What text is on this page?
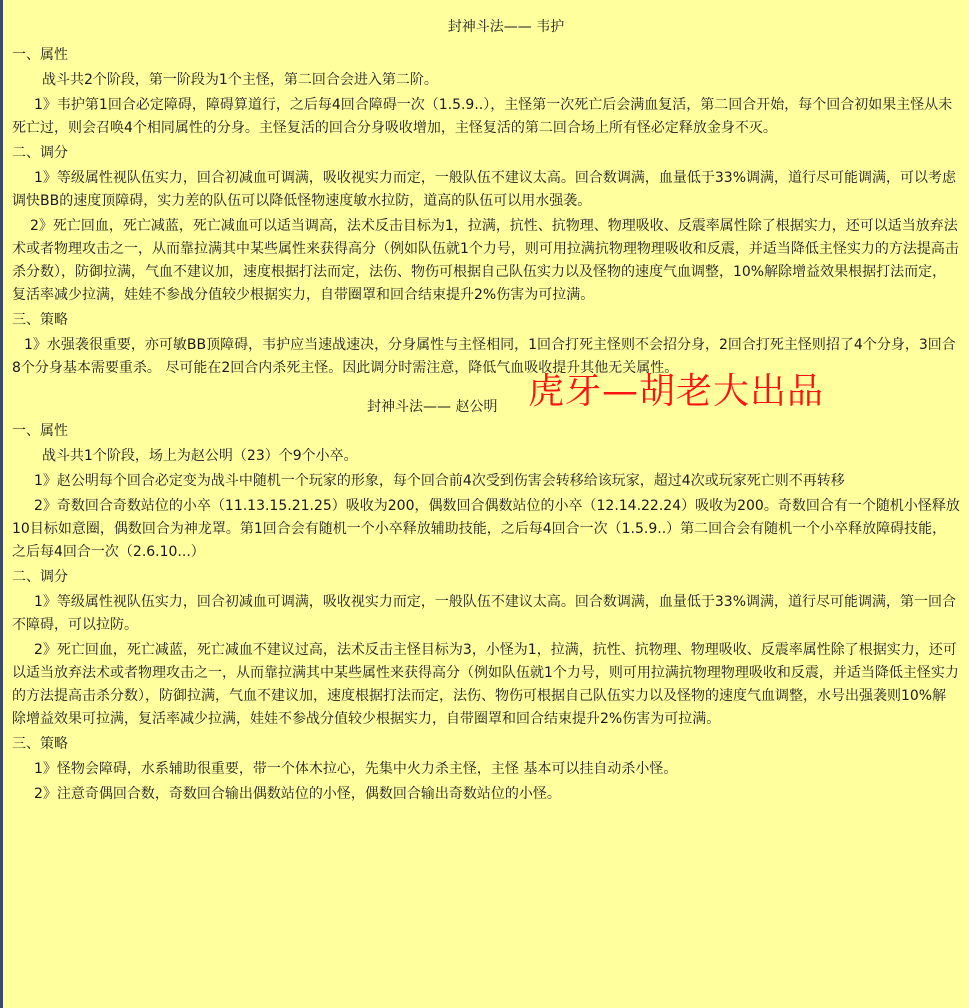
封神斗法—— 韦护
一、属性
战斗共2个阶段，第一阶段为1个主怪，第二回合会进入第二阶。
1》韦护第1回合必定障碍，障碍算道行，之后每4回合障碍一次（1.5.9..），主怪第一次死亡后会满血复活，第二回合开始，每个回合初如果主怪从未死亡过，则会召唤4个相同属性的分身。主怪复活的回合分身吸收增加，主怪复活的第二回合场上所有怪必定释放金身不灭。
二、调分
1》等级属性视队伍实力，回合初减血可调满，吸收视实力而定，一般队伍不建议太高。回合数调满，血量低于33%调满，道行尽可能调满，可以考虑调快BB的速度顶障碍，实力差的队伍可以降低怪物速度敏水拉防，道高的队伍可以用水强袭。
2》死亡回血，死亡减蓝，死亡减血可以适当调高，法术反击目标为1，拉满，抗性、抗物理、物理吸收、反震率属性除了根据实力，还可以适当放弃法术或者物理攻击之一，从而靠拉满其中某些属性来获得高分（例如队伍就1个力号，则可用拉满抗物理物理吸收和反震，并适当降低主怪实力的方法提高击杀分数），防御拉满，气血不建议加，速度根据打法而定，法伤、物伤可根据自己队伍实力以及怪物的速度气血调整，10%解除增益效果根据打法而定，复活率减少拉满，娃娃不参战分值较少根据实力，自带圈罩和回合结束提升2%伤害为可拉满。
三、策略
1》水强袭很重要，亦可敏BB顶障碍，韦护应当速战速决，分身属性与主怪相同，1回合打死主怪则不会招分身，2回合打死主怪则招了4个分身，3回合8个分身基本需要重杀。 尽可能在2回合内杀死主怪。因此调分时需注意，降低气血吸收提升其他无关属性。
封神斗法—— 赵公明 虎牙—胡老大出品
一、属性
战斗共1个阶段，场上为赵公明（23）个9个小卒。
1》赵公明每个回合必定变为战斗中随机一个玩家的形象，每个回合前4次受到伤害会转移给该玩家，超过4次或玩家死亡则不再转移
2》奇数回合奇数站位的小卒（11.13.15.21.25）吸收为200，偶数回合偶数站位的小卒（12.14.22.24）吸收为200。奇数回合有一个随机小怪释放10目标如意圈，偶数回合为神龙罩。第1回合会有随机一个小卒释放辅助技能，之后每4回合一次（1.5.9..）第二回合会有随机一个小卒释放障碍技能，之后每4回合一次（2.6.10...）
二、调分
1》等级属性视队伍实力，回合初减血可调满，吸收视实力而定，一般队伍不建议太高。回合数调满，血量低于33%调满，道行尽可能调满，第一回合不障碍，可以拉防。
2》死亡回血，死亡减蓝，死亡减血不建议过高，法术反击主怪目标为3，小怪为1，拉满，抗性、抗物理、物理吸收、反震率属性除了根据实力，还可以适当放弃法术或者物理攻击之一，从而靠拉满其中某些属性来获得高分（例如队伍就1个力号，则可用拉满抗物理物理吸收和反震，并适当降低主怪实力的方法提高击杀分数），防御拉满，气血不建议加，速度根据打法而定，法伤、物伤可根据自己队伍实力以及怪物的速度气血调整，水号出强袭则10%解除增益效果可拉满，复活率减少拉满，娃娃不参战分值较少根据实力，自带圈罩和回合结束提升2%伤害为可拉满。
三、策略
1》怪物会障碍，水系辅助很重要，带一个体木拉心，先集中火力杀主怪，主怪 基本可以挂自动杀小怪。
2》注意奇偶回合数，奇数回合输出偶数站位的小怪，偶数回合输出奇数站位的小怪。
